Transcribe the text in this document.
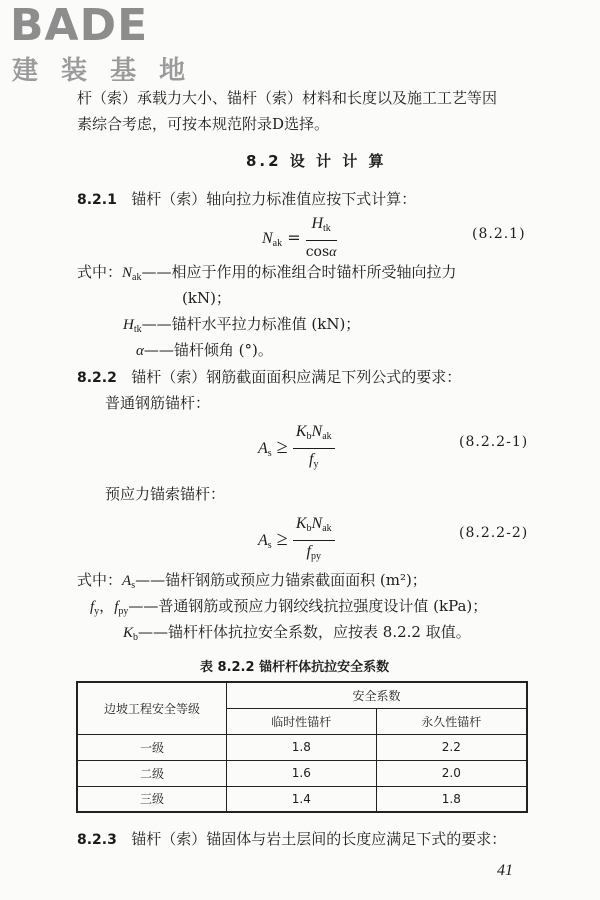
BADE
建 装 基 地
杆（索）承载力大小、锚杆（索）材料和长度以及施工工艺等因
素综合考虑，可按本规范附录D选择。
8.2 设 计 计 算
8.2.1 锚杆（索）轴向拉力标准值应按下式计算：
$N_{ak} = \frac{H_{tk}}{\cos\alpha}$	(8.2.1)
式中：$N_{ak}——$相应于作用的标准组合时锚杆所受轴向拉力
(kN)；
$H_{tk}——$锚杆水平拉力标准值 (kN)；
α——锚杆倾角 (°)。
8.2.2 锚杆（索）钢筋截面面积应满足下列公式的要求：
普通钢筋锚杆：
$A_s \ge \frac{K_bN_{ak}}{f_y}$	(8.2.2-1)
预应力锚索锚杆：
$A_s \ge \frac{K_bN_{ak}}{f_{py}}$	(8.2.2-2)
式中：$A_s——$锚杆钢筋或预应力锚索截面面积 (m²)；
$f_y$，$f_{py}——$普通钢筋或预应力钢绞线抗拉强度设计值 (kPa)；
$K_b——$锚杆杆体抗拉安全系数，应按表 8.2.2 取值。
表 8.2.2 锚杆杆体抗拉安全系数
边坡工程安全等级	安全系数	
	临时性锚杆	永久性锚杆
一级	1.8	2.2
二级	1.6	2.0
三级	1.4	1.8
8.2.3 锚杆（索）锚固体与岩土层间的长度应满足下式的要求：
41
